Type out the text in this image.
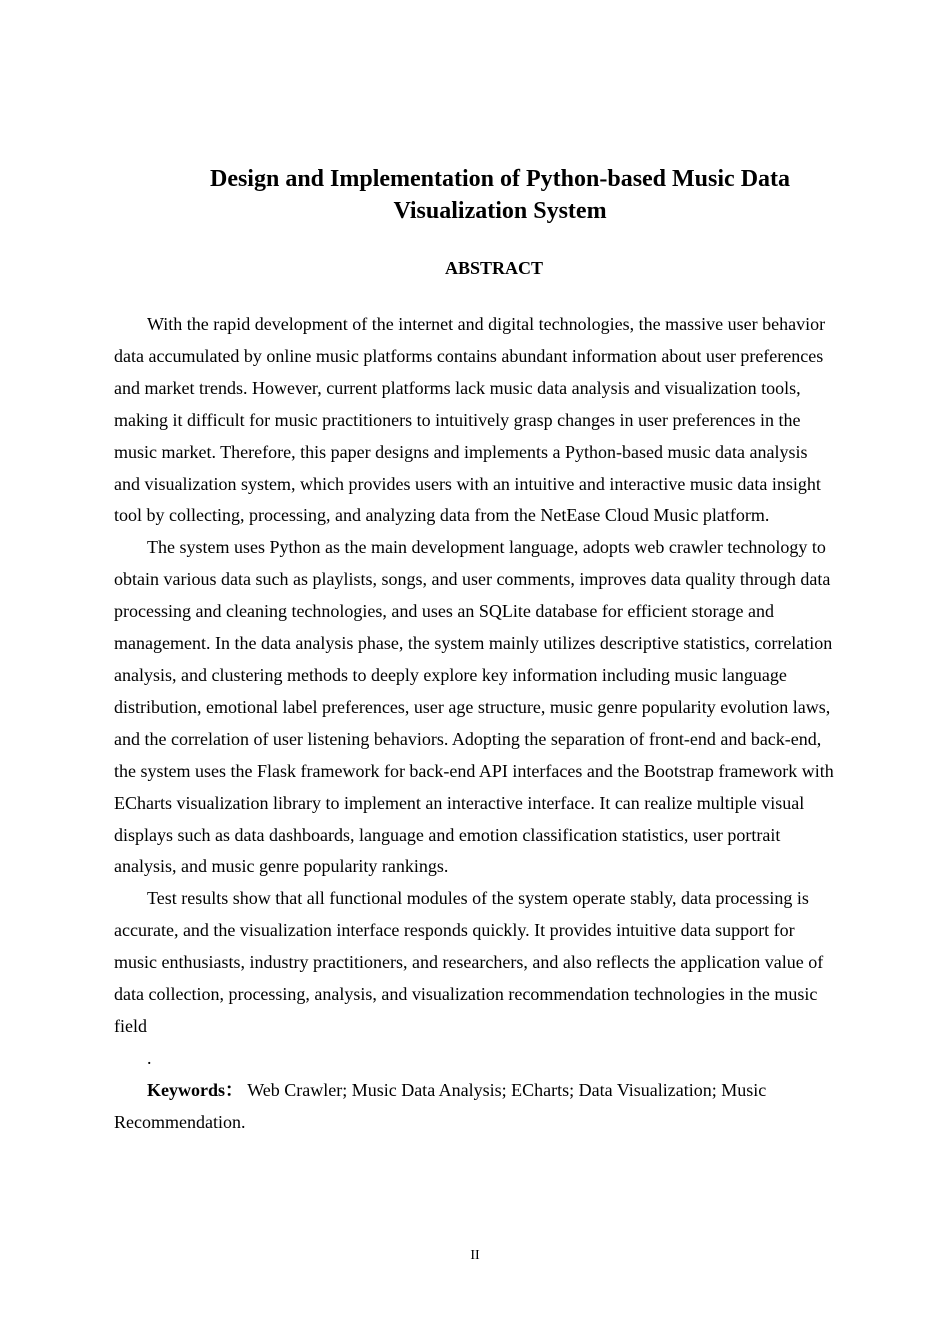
Design and Implementation of Python-based Music Data
Visualization System
ABSTRACT

With the rapid development of the internet and digital technologies, the massive user behavior data accumulated by online music platforms contains abundant information about user preferences and market trends. However, current platforms lack music data analysis and visualization tools, making it difficult for music practitioners to intuitively grasp changes in user preferences in the music market. Therefore, this paper designs and implements a Python-based music data analysis and visualization system, which provides users with an intuitive and interactive music data insight tool by collecting, processing, and analyzing data from the NetEase Cloud Music platform.

The system uses Python as the main development language, adopts web crawler technology to obtain various data such as playlists, songs, and user comments, improves data quality through data processing and cleaning technologies, and uses an SQLite database for efficient storage and management. In the data analysis phase, the system mainly utilizes descriptive statistics, correlation analysis, and clustering methods to deeply explore key information including music language distribution, emotional label preferences, user age structure, music genre popularity evolution laws, and the correlation of user listening behaviors. Adopting the separation of front-end and back-end, the system uses the Flask framework for back-end API interfaces and the Bootstrap framework with ECharts visualization library to implement an interactive interface. It can realize multiple visual displays such as data dashboards, language and emotion classification statistics, user portrait analysis, and music genre popularity rankings.

Test results show that all functional modules of the system operate stably, data processing is accurate, and the visualization interface responds quickly. It provides intuitive data support for music enthusiasts, industry practitioners, and researchers, and also reflects the application value of data collection, processing, analysis, and visualization recommendation technologies in the music field

.

Keywords： Web Crawler; Music Data Analysis; ECharts; Data Visualization; Music Recommendation.

II
